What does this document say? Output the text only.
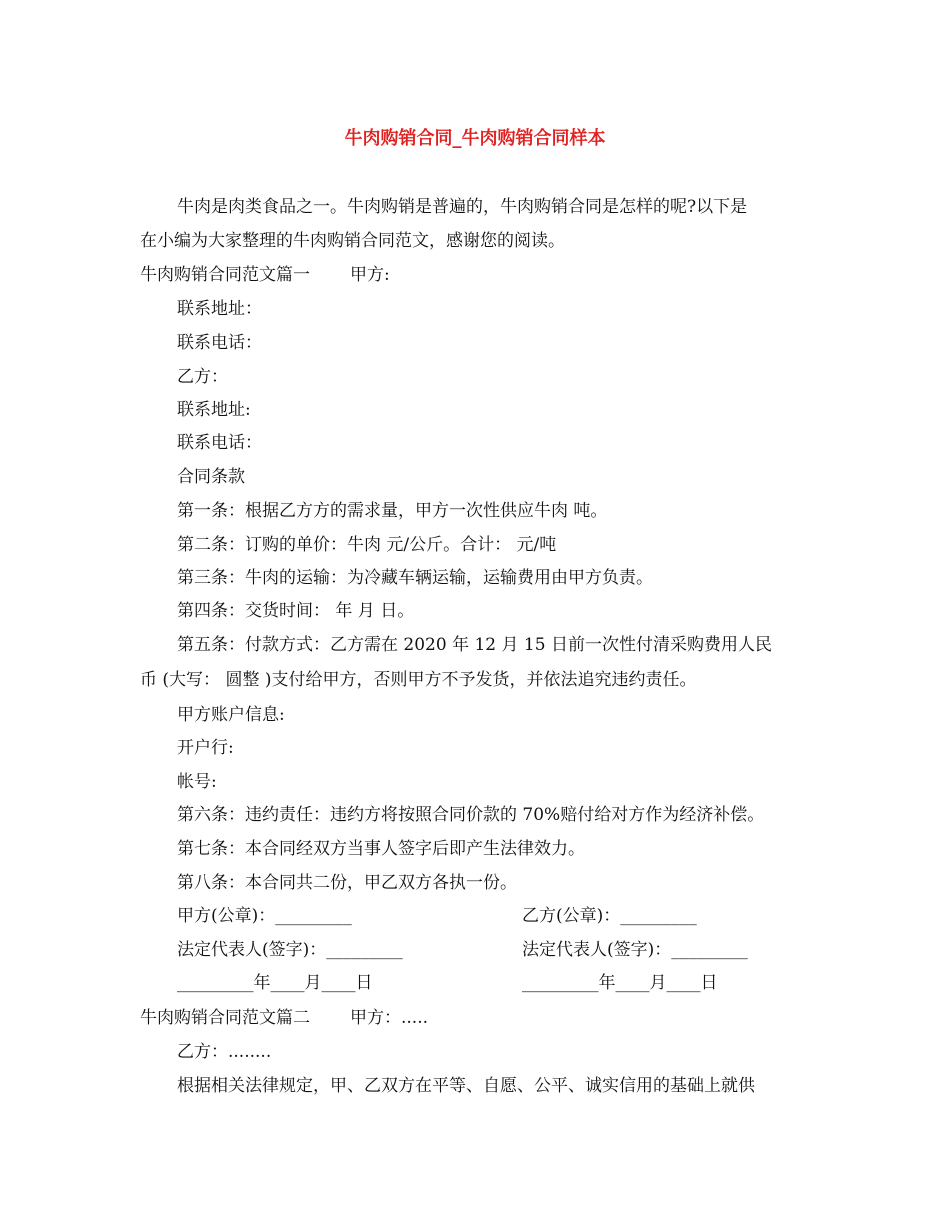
牛肉购销合同_牛肉购销合同样本
牛肉是肉类食品之一。牛肉购销是普遍的，牛肉购销合同是怎样的呢?以下是
在小编为大家整理的牛肉购销合同范文，感谢您的阅读。
牛肉购销合同范文篇一 甲方:
联系地址：
联系电话：
乙方：
联系地址:
联系电话：
合同条款
第一条：根据乙方方的需求量，甲方一次性供应牛肉 吨。
第二条：订购的单价：牛肉 元/公斤。合计： 元/吨
第三条：牛肉的运输：为冷藏车辆运输，运输费用由甲方负责。
第四条：交货时间： 年 月 日。
第五条：付款方式：乙方需在 2020 年 12 月 15 日前一次性付清采购费用人民
币 (大写： 圆整 )支付给甲方，否则甲方不予发货，并依法追究违约责任。
甲方账户信息:
开户行:
帐号:
第六条：违约责任：违约方将按照合同价款的 70%赔付给对方作为经济补偿。
第七条：本合同经双方当事人签字后即产生法律效力。
第八条：本合同共二份，甲乙双方各执一份。
甲方(公章)：_________	乙方(公章)：_________
法定代表人(签字)：_________	法定代表人(签字)：_________
_________年____月____日	_________年____月____日
牛肉购销合同范文篇二 甲方：.....
乙方：........
根据相关法律规定，甲、乙双方在平等、自愿、公平、诚实信用的基础上就供
